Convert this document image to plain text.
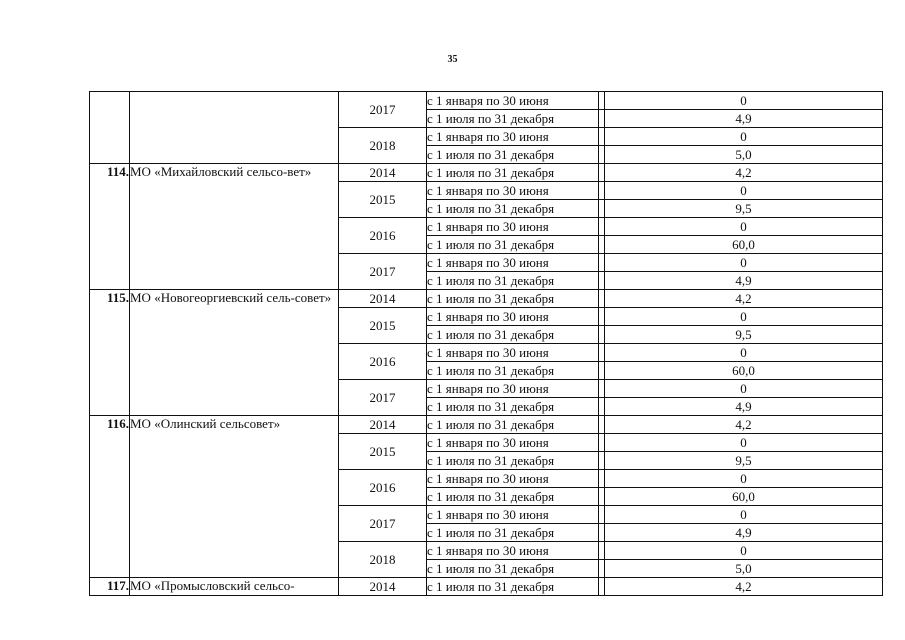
35
		2017	с 1 января по 30 июня		0
			с 1 июля по 31 декабря		4,9
		2018	с 1 января по 30 июня		0
			с 1 июля по 31 декабря		5,0
114.	МО «Михайловский сельсо-вет»	2014	с 1 июля по 31 декабря		4,2
		2015	с 1 января по 30 июня		0
			с 1 июля по 31 декабря		9,5
		2016	с 1 января по 30 июня		0
			с 1 июля по 31 декабря		60,0
		2017	с 1 января по 30 июня		0
			с 1 июля по 31 декабря		4,9
115.	МО «Новогеоргиевский сель-совет»	2014	с 1 июля по 31 декабря		4,2
		2015	с 1 января по 30 июня		0
			с 1 июля по 31 декабря		9,5
		2016	с 1 января по 30 июня		0
			с 1 июля по 31 декабря		60,0
		2017	с 1 января по 30 июня		0
			с 1 июля по 31 декабря		4,9
116.	МО «Олинский сельсовет»	2014	с 1 июля по 31 декабря		4,2
		2015	с 1 января по 30 июня		0
			с 1 июля по 31 декабря		9,5
		2016	с 1 января по 30 июня		0
			с 1 июля по 31 декабря		60,0
		2017	с 1 января по 30 июня		0
			с 1 июля по 31 декабря		4,9
		2018	с 1 января по 30 июня		0
			с 1 июля по 31 декабря		5,0
117.	МО «Промысловский сельсо-	2014	с 1 июля по 31 декабря		4,2
